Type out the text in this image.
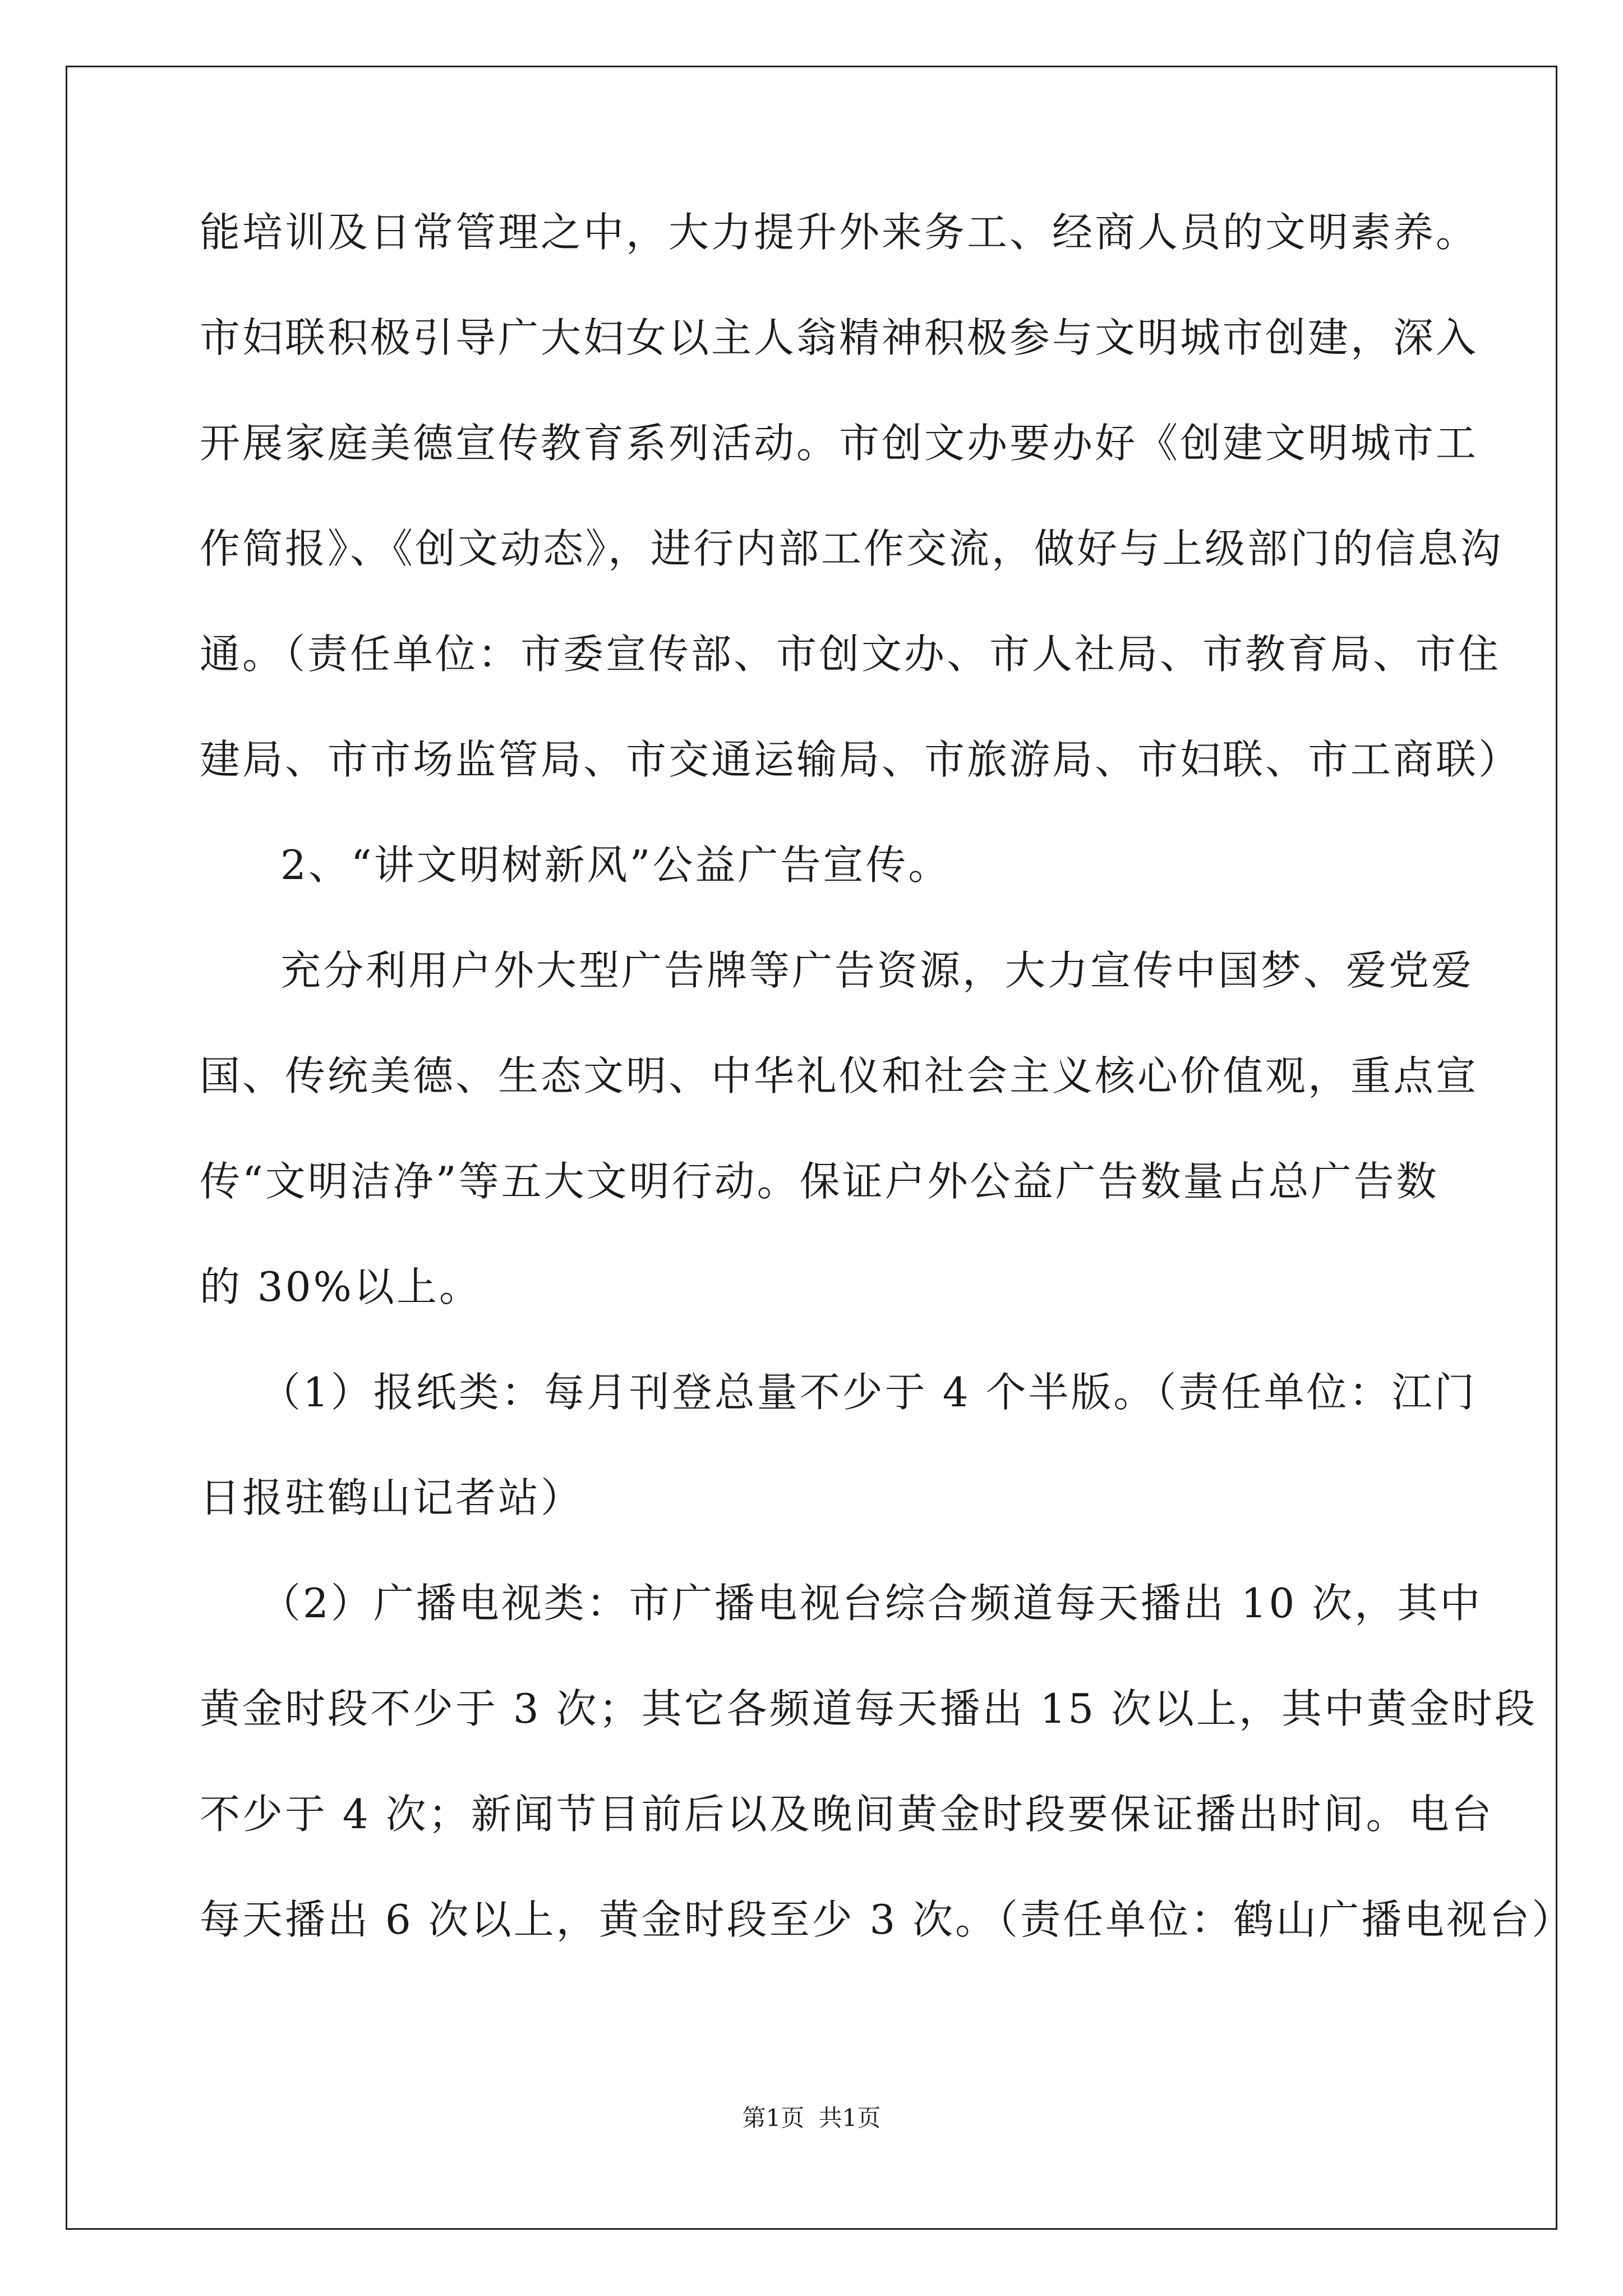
能培训及日常管理之中，大力提升外来务工、经商人员的文明素养。
市妇联积极引导广大妇女以主人翁精神积极参与文明城市创建，深入
开展家庭美德宣传教育系列活动。市创文办要办好《创建文明城市工
作简报》、《创文动态》，进行内部工作交流，做好与上级部门的信息沟
通。（责任单位：市委宣传部、市创文办、市人社局、市教育局、市住
建局、市市场监管局、市交通运输局、市旅游局、市妇联、市工商联）
2、“讲文明树新风”公益广告宣传。
充分利用户外大型广告牌等广告资源，大力宣传中国梦、爱党爱
国、传统美德、生态文明、中华礼仪和社会主义核心价值观，重点宣
传“文明洁净”等五大文明行动。保证户外公益广告数量占总广告数
的 30%以上。
（1）报纸类：每月刊登总量不少于 4 个半版。（责任单位：江门
日报驻鹤山记者站）
（2）广播电视类：市广播电视台综合频道每天播出 10 次，其中
黄金时段不少于 3 次；其它各频道每天播出 15 次以上，其中黄金时段
不少于 4 次；新闻节目前后以及晚间黄金时段要保证播出时间。电台
每天播出 6 次以上，黄金时段至少 3 次。（责任单位：鹤山广播电视台）
第1页 共1页
